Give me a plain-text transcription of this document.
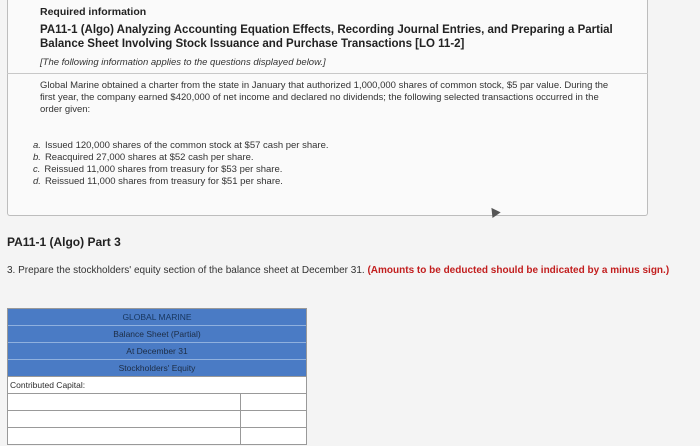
Required information
PA11-1 (Algo) Analyzing Accounting Equation Effects, Recording Journal Entries, and Preparing a Partial Balance Sheet Involving Stock Issuance and Purchase Transactions [LO 11-2]
[The following information applies to the questions displayed below.]
Global Marine obtained a charter from the state in January that authorized 1,000,000 shares of common stock, $5 par value. During the first year, the company earned $420,000 of net income and declared no dividends; the following selected transactions occurred in the order given:
a. Issued 120,000 shares of the common stock at $57 cash per share.
b. Reacquired 27,000 shares at $52 cash per share.
c. Reissued 11,000 shares from treasury for $53 per share.
d. Reissued 11,000 shares from treasury for $51 per share.
PA11-1 (Algo) Part 3
3. Prepare the stockholders' equity section of the balance sheet at December 31. (Amounts to be deducted should be indicated by a minus sign.)
GLOBAL MARINE
Balance Sheet (Partial)
At December 31
Stockholders' Equity
Contributed Capital:
